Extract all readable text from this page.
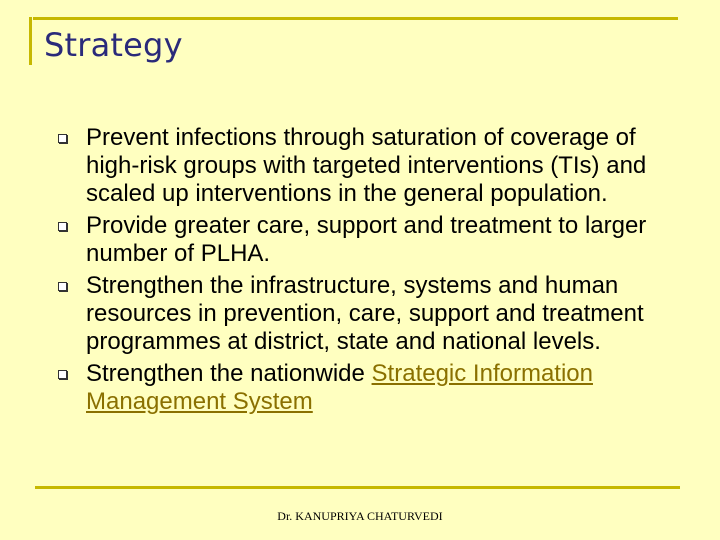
Strategy
Prevent infections through saturation of coverage of high-risk groups with targeted interventions (TIs) and scaled up interventions in the general population.
Provide greater care, support and treatment to larger number of PLHA.
Strengthen the infrastructure, systems and human resources in prevention, care, support and treatment programmes at district, state and national levels.
Strengthen the nationwide Strategic Information Management System
Dr. KANUPRIYA CHATURVEDI
